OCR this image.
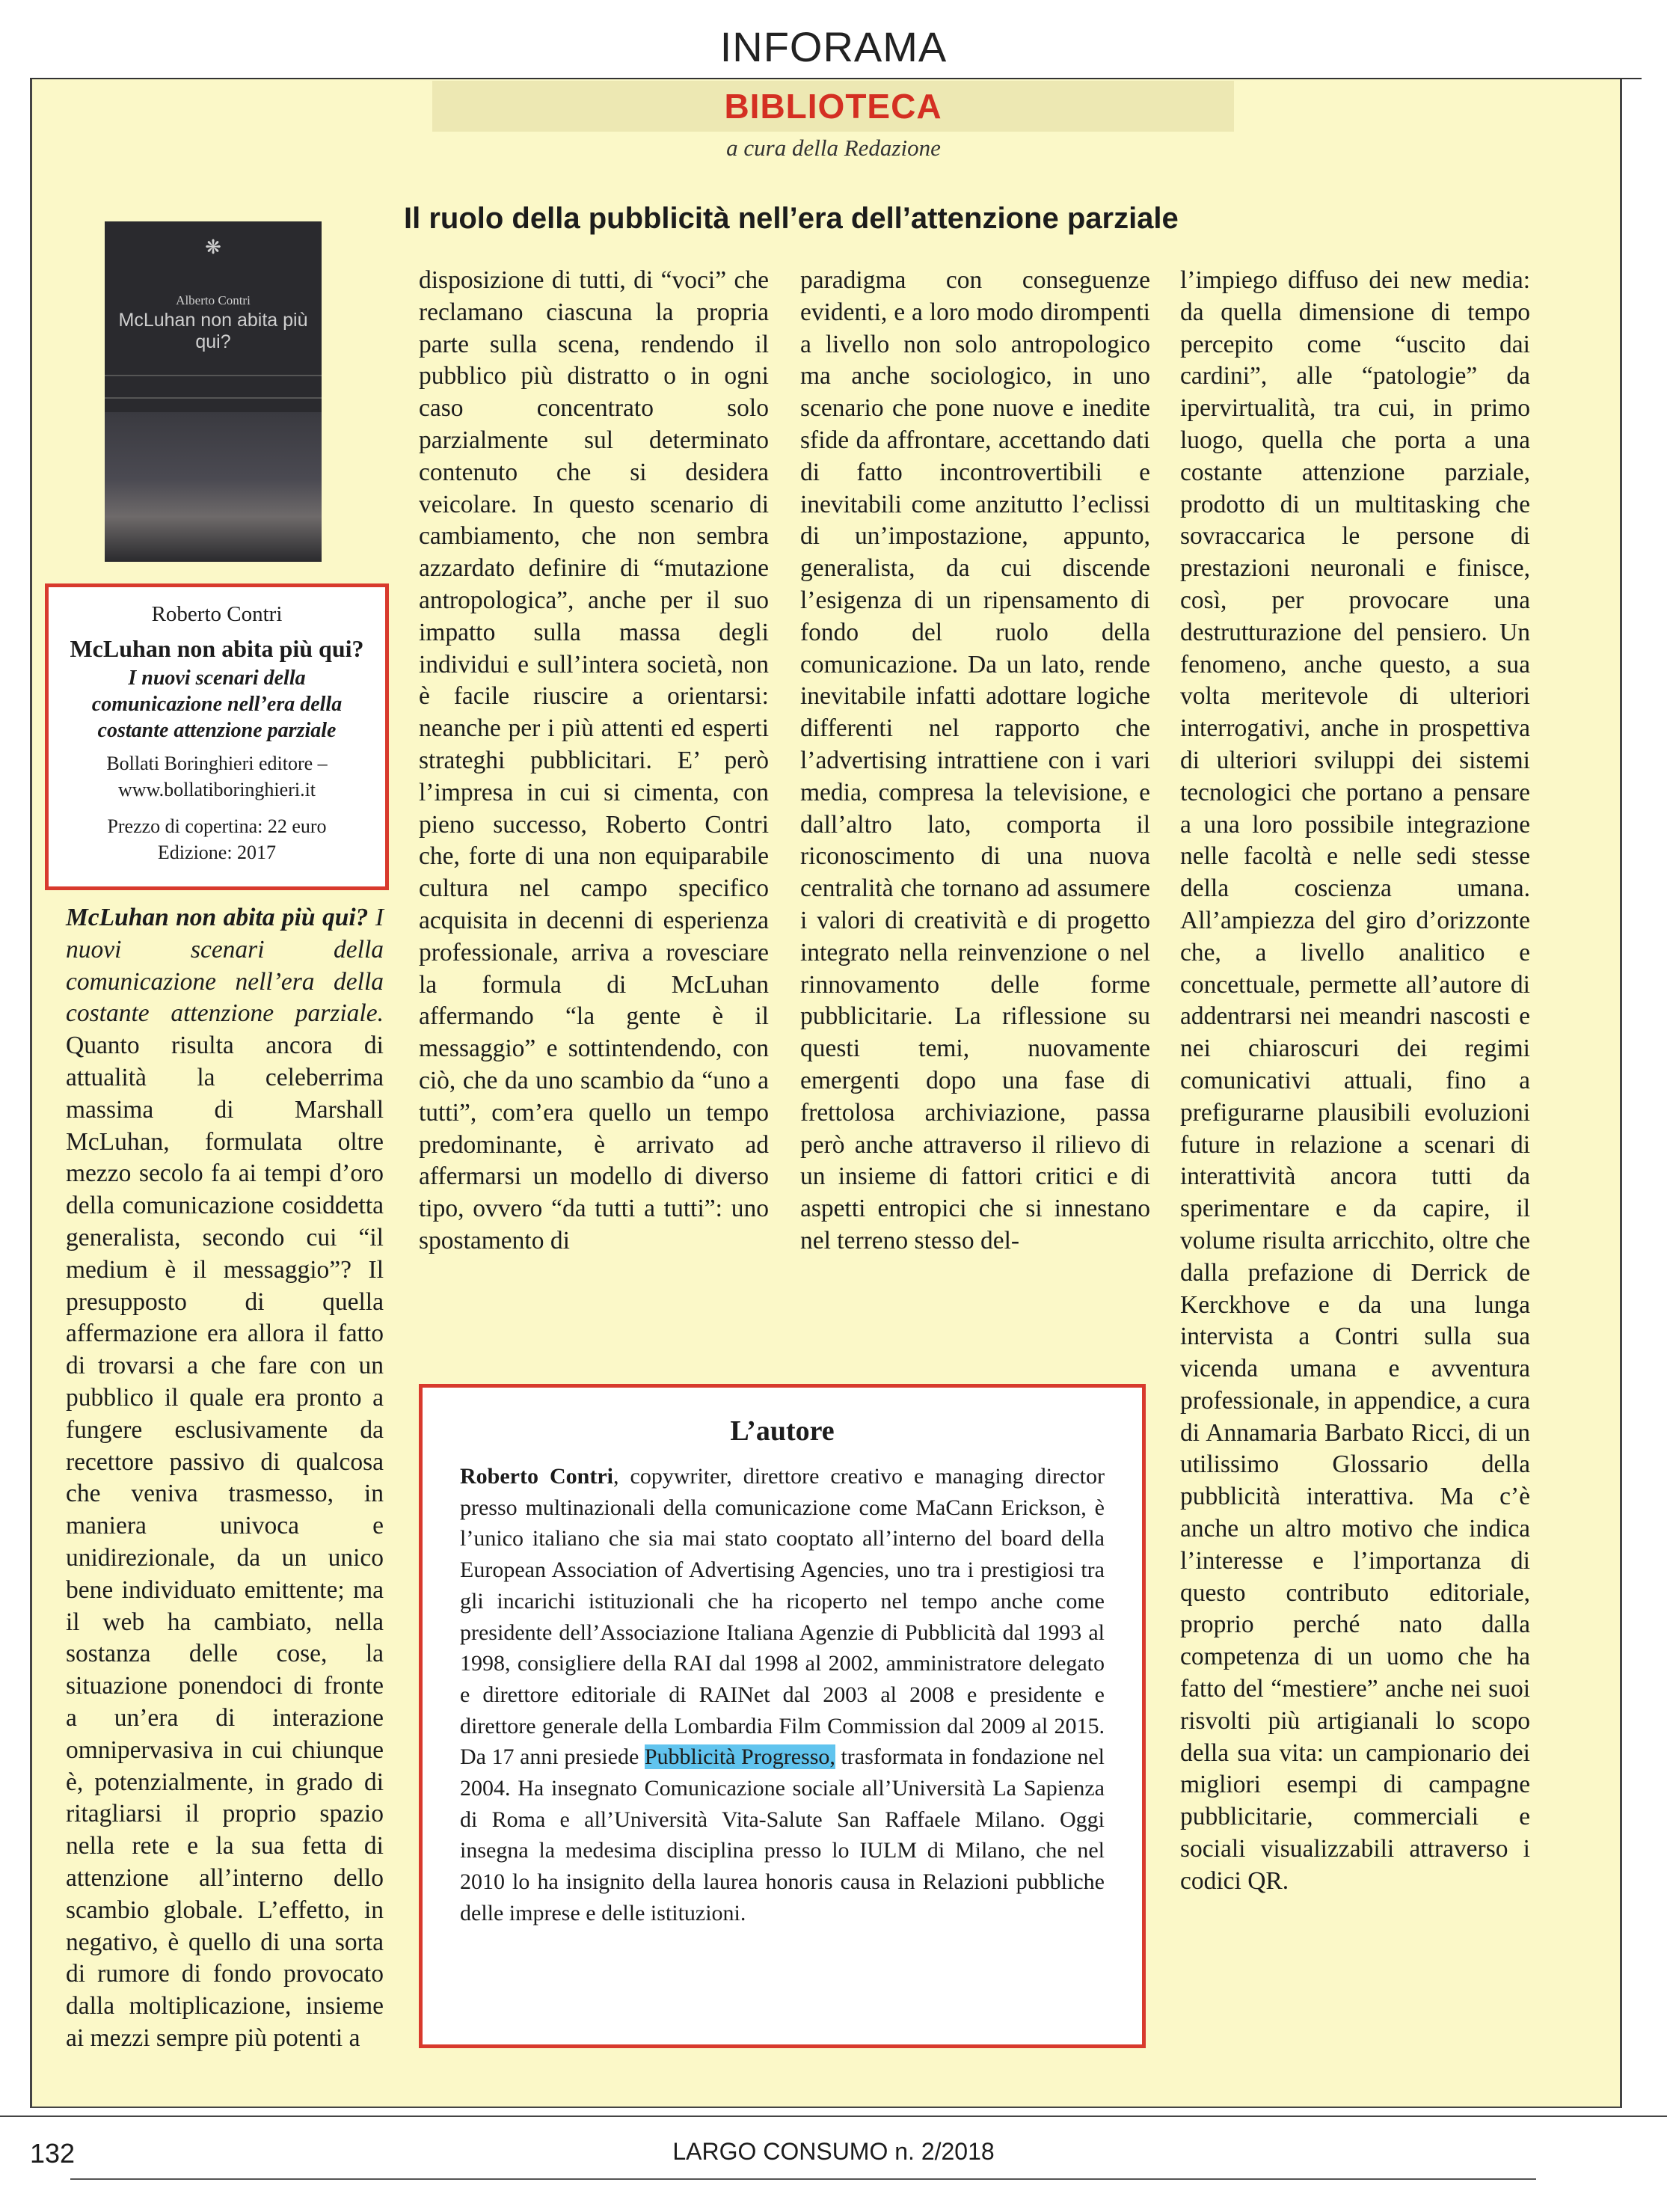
INFORAMA
BIBLIOTECA

a cura della Redazione

Il ruolo della pubblicità nell’era dell’attenzione parziale
❋
Alberto Contri
McLuhan non abita più qui?
Roberto Contri
McLuhan non abita più qui?
I nuovi scenari della comunicazione nell’era della costante attenzione parziale
Bollati Boringhieri editore – www.bollatiboringhieri.it
Prezzo di copertina: 22 euro
Edizione: 2017

McLuhan non abita più qui? I nuovi scenari della comunicazione nell’era della costante attenzione parziale. Quanto risulta ancora di attualità la celeberrima massima di Marshall McLuhan, formulata oltre mezzo secolo fa ai tempi d’oro della comunicazione cosiddetta generalista, secondo cui “il medium è il messaggio”? Il presupposto di quella affermazione era allora il fatto di trovarsi a che fare con un pubblico il quale era pronto a fungere esclusivamente da recettore passivo di qualcosa che veniva trasmesso, in maniera univoca e unidirezionale, da un unico bene individuato emittente; ma il web ha cambiato, nella sostanza delle cose, la situazione ponendoci di fronte a un’era di interazione omnipervasiva in cui chiunque è, potenzialmente, in grado di ritagliarsi il proprio spazio nella rete e la sua fetta di attenzione all’interno dello scambio globale. L’effetto, in negativo, è quello di una sorta di rumore di fondo provocato dalla moltiplicazione, insieme ai mezzi sempre più potenti a

disposizione di tutti, di “voci” che reclamano ciascuna la propria parte sulla scena, rendendo il pubblico più distratto o in ogni caso concentrato solo parzialmente sul determinato contenuto che si desidera veicolare. In questo scenario di cambiamento, che non sembra azzardato definire di “mutazione antropologica”, anche per il suo impatto sulla massa degli individui e sull’intera società, non è facile riuscire a orientarsi: neanche per i più attenti ed esperti strateghi pubblicitari. E’ però l’impresa in cui si cimenta, con pieno successo, Roberto Contri che, forte di una non equiparabile cultura nel campo specifico acquisita in decenni di esperienza professionale, arriva a rovesciare la formula di McLuhan affermando “la gente è il messaggio” e sottintendendo, con ciò, che da uno scambio da “uno a tutti”, com’era quello un tempo predominante, è arrivato ad affermarsi un modello di diverso tipo, ovvero “da tutti a tutti”: uno spostamento di

paradigma con conseguenze evidenti, e a loro modo dirompenti a livello non solo antropologico ma anche sociologico, in uno scenario che pone nuove e inedite sfide da affrontare, accettando dati di fatto incontrovertibili e inevitabili come anzitutto l’eclissi di un’impostazione, appunto, generalista, da cui discende l’esigenza di un ripensamento di fondo del ruolo della comunicazione. Da un lato, rende inevitabile infatti adottare logiche differenti nel rapporto che l’advertising intrattiene con i vari media, compresa la televisione, e dall’altro lato, comporta il riconoscimento di una nuova centralità che tornano ad assumere i valori di creatività e di progetto integrato nella reinvenzione o nel rinnovamento delle forme pubblicitarie. La riflessione su questi temi, nuovamente emergenti dopo una fase di frettolosa archiviazione, passa però anche attraverso il rilievo di un insieme di fattori critici e di aspetti entropici che si innestano nel terreno stesso del-

l’impiego diffuso dei new media: da quella dimensione di tempo percepito come “uscito dai cardini”, alle “patologie” da ipervirtualità, tra cui, in primo luogo, quella che porta a una costante attenzione parziale, prodotto di un multitasking che sovraccarica le persone di prestazioni neuronali e finisce, così, per provocare una destrutturazione del pensiero. Un fenomeno, anche questo, a sua volta meritevole di ulteriori interrogativi, anche in prospettiva di ulteriori sviluppi dei sistemi tecnologici che portano a pensare a una loro possibile integrazione nelle facoltà e nelle sedi stesse della coscienza umana. All’ampiezza del giro d’orizzonte che, a livello analitico e concettuale, permette all’autore di addentrarsi nei meandri nascosti e nei chiaroscuri dei regimi comunicativi attuali, fino a prefigurarne plausibili evoluzioni future in relazione a scenari di interattività ancora tutti da sperimentare e da capire, il volume risulta arricchito, oltre che dalla prefazione di Derrick de Kerckhove e da una lunga intervista a Contri sulla sua vicenda umana e avventura professionale, in appendice, a cura di Annamaria Barbato Ricci, di un utilissimo Glossario della pubblicità interattiva. Ma c’è anche un altro motivo che indica l’interesse e l’importanza di questo contributo editoriale, proprio perché nato dalla competenza di un uomo che ha fatto del “mestiere” anche nei suoi risvolti più artigianali lo scopo della sua vita: un campionario dei migliori esempi di campagne pubblicitarie, commerciali e sociali visualizzabili attraverso i codici QR.

L’autore

Roberto Contri, copywriter, direttore creativo e managing director presso multinazionali della comunicazione come MaCann Erickson, è l’unico italiano che sia mai stato cooptato all’interno del board della European Association of Advertising Agencies, uno tra i prestigiosi tra gli incarichi istituzionali che ha ricoperto nel tempo anche come presidente dell’Associazione Italiana Agenzie di Pubblicità dal 1993 al 1998, consigliere della RAI dal 1998 al 2002, amministratore delegato e direttore editoriale di RAINet dal 2003 al 2008 e presidente e direttore generale della Lombardia Film Commission dal 2009 al 2015. Da 17 anni presiede Pubblicità Progresso, trasformata in fondazione nel 2004. Ha insegnato Comunicazione sociale all’Università La Sapienza di Roma e all’Università Vita-Salute San Raffaele Milano. Oggi insegna la medesima disciplina presso lo IULM di Milano, che nel 2010 lo ha insignito della laurea honoris causa in Relazioni pubbliche delle imprese e delle istituzioni.

132	LARGO CONSUMO n. 2/2018
